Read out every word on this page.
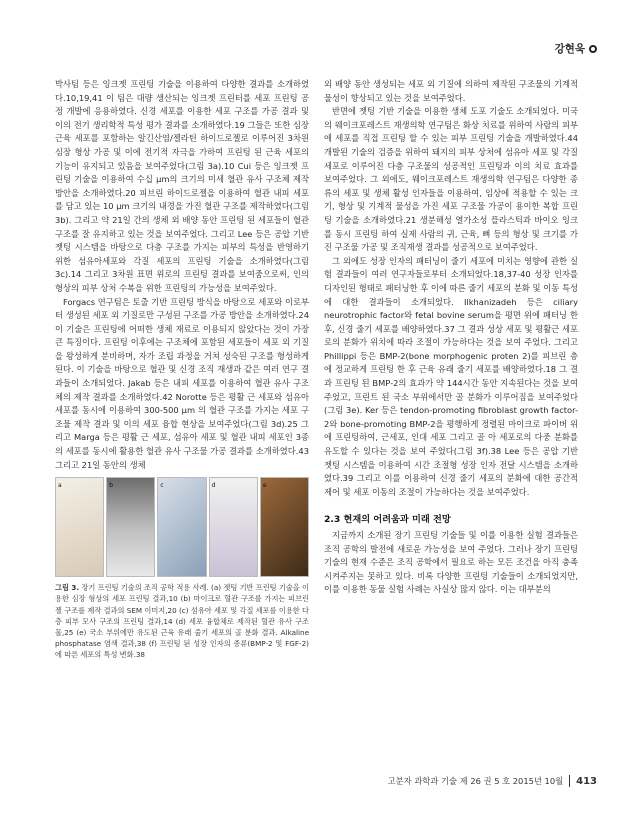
강현욱

박사팀 등은 잉크젯 프린팅 기술을 이용하여 다양한 결과를 소개하였다.10,19,41 이 팀은 대량 생산되는 잉크젯 프린터를 세포 프린팅 공정 개발에 응용하였다. 신경 세포를 이용한 세포 구조를 가공 결과 및 이의 전기 생리학적 특성 평가 결과를 소개하였다.19 그들은 또한 심장 근육 세포를 포함하는 알긴산염/젤라틴 하이드로젤로 이루어진 3차원 심장 형상 가공 및 이에 전기적 자극을 가하여 프린팅 된 근육 세포의 기능이 유지되고 있음을 보여주었다(그림 3a).10 Cui 등은 잉크젯 프린팅 기술을 이용하여 수십 μm의 크기의 미세 혈관 유사 구조체 제작 방안을 소개하였다.20 피브린 하이드로젤을 이용하여 혈관 내피 세포를 담고 있는 10 μm 크기의 내경을 가진 혈관 구조를 제작하였다(그림 3b). 그리고 약 21일 간의 생체 외 배양 동안 프린팅 된 세포들이 혈관 구조를 잘 유지하고 있는 것을 보여주었다. 그리고 Lee 등은 공압 기반 젯팅 시스템을 바탕으로 다층 구조를 가지는 피부의 특성을 반영하기 위한 섬유아세포와 각질 세포의 프린팅 기술을 소개하였다(그림 3c).14 그리고 3차원 표면 위로의 프린팅 결과를 보여줌으로써, 인의 형상의 피부 상처 수복을 위한 프린팅의 가능성을 보여주었다.

Forgacs 연구팀은 토출 기반 프린팅 방식을 바탕으로 세포와 이로부터 생성된 세포 외 기질로만 구성된 구조를 가공 방안을 소개하였다.24 이 기술은 프린팅에 어떠한 생체 재료로 이용되지 않았다는 것이 가장 큰 특징이다. 프린팅 이후에는 구조체에 포함된 세포들이 세포 외 기질을 왕성하게 분비하며, 자가 조립 과정을 거쳐 성숙된 구조를 형성하게 된다. 이 기술을 바탕으로 혈관 및 신경 조직 재생과 같은 여러 연구 결과들이 소개되었다. Jakab 등은 내피 세포를 이용하여 혈관 유사 구조체의 제작 결과를 소개하였다.42 Norotte 등은 평활 근 세포와 섬유아 세포를 동시에 이용하여 300-500 μm 의 혈관 구조를 가지는 세포 구조물 제작 결과 및 이의 세포 융합 현상을 보여주었다(그림 3d).25 그리고 Marga 등은 평활 근 세포, 섬유아 세포 및 혈관 내피 세포인 3종의 세포를 동시에 활용한 혈관 유사 구조물 가공 결과를 소개하였다.43 그리고 21일 동안의 생체

a	b	c	d	e
그림 3. 장기 프린팅 기술의 조직 공학 적용 사례. (a) 젯팅 기반 프린팅 기술을 이용한 심장 형상의 세포 프린팅 결과,10 (b) 마이크로 혈관 구조를 가지는 피브린 젤 구조를 제작 결과의 SEM 이미지,20 (c) 섬유아 세포 및 각질 세포를 이용한 다층 피부 모사 구조의 프린팅 결과,14 (d) 세포 융합체로 제작된 혈관 유사 구조물,25 (e) 국소 부위에만 유도된 근육 유래 줄기 세포의 골 분화 결과. Alkaline phosphatase 염색 결과,38 (f) 프린팅 된 성장 인자의 종류(BMP-2 및 FGF-2)에 따른 세포의 특성 변화.38

외 배양 동안 생성되는 세포 외 기질에 의하여 제작된 구조물의 기계적 물성이 향상되고 있는 것을 보여주었다.

반면에 젯팅 기반 기술을 이용한 생체 도포 기술도 소개되었다. 미국의 웨이크포레스트 재생의학 연구팀은 화상 치료를 위하여 사람의 피부에 세포를 직접 프린팅 할 수 있는 피부 프린팅 기술을 개발하였다.44 개발된 기술의 검증을 위하여 돼지의 피부 상처에 섬유아 세포 및 각질 세포로 이루어진 다층 구조물의 성공적인 프린팅과 이의 치료 효과를 보여주었다. 그 외에도, 웨이크포레스트 재생의학 연구팀은 다양한 종류의 세포 및 생체 활성 인자들을 이용하여, 임상에 적용할 수 있는 크기, 형상 및 기계적 물성을 가진 세포 구조물 가공이 용이한 복합 프린팅 기술을 소개하였다.21 생분해성 열가소성 플라스틱과 바이오 잉크를 동시 프린팅 하여 실제 사람의 귀, 근육, 뼈 등의 형상 및 크기를 가진 구조물 가공 및 조직재생 결과를 성공적으로 보여주었다.

그 외에도 성장 인자의 패터닝이 줄기 세포에 미치는 영향에 관한 실험 결과들이 여러 연구자들로부터 소개되었다.18,37-40 성장 인자를 디자인된 형태로 패터닝한 후 이에 따른 줄기 세포의 분화 및 이동 특성에 대한 결과들이 소개되었다. Ilkhanizadeh 등은 ciliary neurotrophic factor와 fetal bovine serum을 평면 위에 패터닝 한 후, 신경 줄기 세포를 배양하였다.37 그 결과 성상 세포 및 평활근 세포로의 분화가 위치에 따라 조절이 가능하다는 것을 보여 주었다. 그리고 Phillippi 등은 BMP-2(bone morphogenic proten 2)를 피브린 층에 정교하게 프린팅 한 후 근육 유래 줄기 세포를 배양하였다.18 그 결과 프린팅 된 BMP-2의 효과가 약 144시간 동안 지속된다는 것을 보여주었고, 프린트 된 국소 부위에서만 골 분화가 이루어짐을 보여주었다(그림 3e). Ker 등은 tendon-promoting fibroblast growth factor-2와 bone-promoting BMP-2을 평행하게 정렬된 마이크로 파이버 위에 프린팅하여, 근세포, 인대 세포 그리고 골 아 세포로의 다중 분화를 유도할 수 있다는 것을 보여 주었다(그림 3f).38 Lee 등은 공압 기반 젯팅 시스템을 이용하여 시간 조절형 성장 인자 전달 시스템을 소개하였다.39 그리고 이를 이용하여 신경 줄기 세포의 분화에 대한 공간적 제어 및 세포 이동의 조절이 가능하다는 것을 보여주었다.

2.3 현재의 어려움과 미래 전망

지금까지 소개된 장기 프린팅 기술들 및 이를 이용한 실험 결과들은 조직 공학의 발전에 새로운 가능성을 보여 주었다. 그러나 장기 프린팅 기술의 현재 수준은 조직 공학에서 필요로 하는 모든 조건을 아직 충족시켜주지는 못하고 있다. 비록 다양한 프린팅 기술들이 소개되었지만, 이를 이용한 동물 실험 사례는 사실상 많지 않다. 이는 대부분의

고분자 과학과 기술 제 26 권 5 호 2015년 10월 413
